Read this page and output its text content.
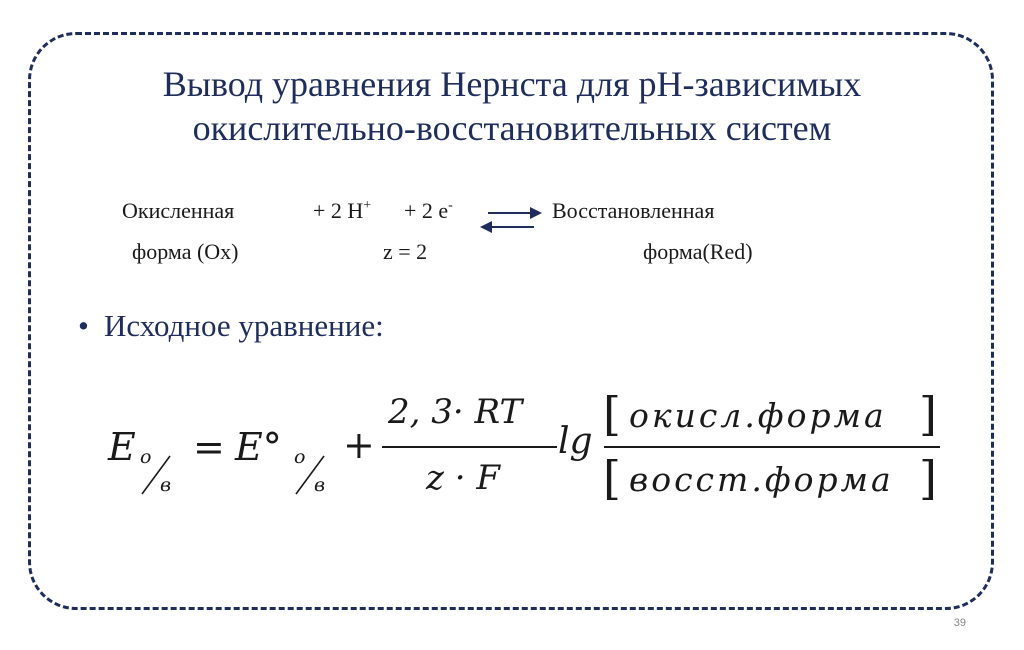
Вывод уравнения Нернста для pH-зависимых
окислительно-восстановительных систем
Окисленная	+ 2 H+ + 2 e-	Восстановленная
форма (Ox)	z = 2	форма(Red)
• Исходное уравнение:
E о
в
= E° о
в
+
2, 3· RT
z · F
lg
[ окисл.форма ]
[ восст.форма ]
39
